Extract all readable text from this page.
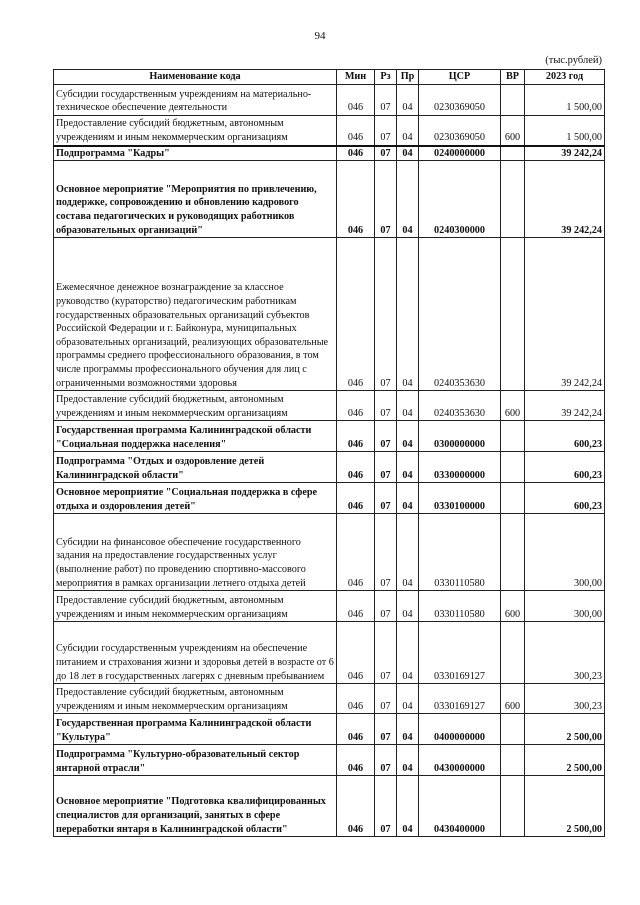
94
(тыс.рублей)
Наименование кода	Мин	Рз	Пр	ЦСР	ВР	2023 год
Субсидии государственным учреждениям на материально-техническое обеспечение деятельности	046	07	04	0230369050		1 500,00
Предоставление субсидий бюджетным, автономным учреждениям и иным некоммерческим организациям	046	07	04	0230369050	600	1 500,00
Подпрограмма "Кадры"	046	07	04	0240000000		39 242,24
Основное мероприятие "Мероприятия по привлечению, поддержке, сопровождению и обновлению кадрового состава педагогических и руководящих работников образовательных организаций"	046	07	04	0240300000		39 242,24
Ежемесячное денежное вознаграждение за классное руководство (кураторство) педагогическим работникам государственных образовательных организаций субъектов Российской Федерации и г. Байконура, муниципальных образовательных организаций, реализующих образовательные программы среднего профессионального образования, в том числе программы профессионального обучения для лиц с ограниченными возможностями здоровья	046	07	04	0240353630		39 242,24
Предоставление субсидий бюджетным, автономным учреждениям и иным некоммерческим организациям	046	07	04	0240353630	600	39 242,24
Государственная программа Калининградской области "Социальная поддержка населения"	046	07	04	0300000000		600,23
Подпрограмма "Отдых и оздоровление детей Калининградской области"	046	07	04	0330000000		600,23
Основное мероприятие "Социальная поддержка в сфере отдыха и оздоровления детей"	046	07	04	0330100000		600,23
Субсидии на финансовое обеспечение государственного задания на предоставление государственных услуг (выполнение работ) по проведению спортивно-массового мероприятия в рамках организации летнего отдыха детей	046	07	04	0330110580		300,00
Предоставление субсидий бюджетным, автономным учреждениям и иным некоммерческим организациям	046	07	04	0330110580	600	300,00
Субсидии государственным учреждениям на обеспечение питанием и страхования жизни и здоровья детей в возрасте от 6 до 18 лет в государственных лагерях с дневным пребыванием	046	07	04	0330169127		300,23
Предоставление субсидий бюджетным, автономным учреждениям и иным некоммерческим организациям	046	07	04	0330169127	600	300,23
Государственная программа Калининградской области "Культура"	046	07	04	0400000000		2 500,00
Подпрограмма "Культурно-образовательный сектор янтарной отрасли"	046	07	04	0430000000		2 500,00
Основное мероприятие "Подготовка квалифицированных специалистов для организаций, занятых в сфере переработки янтаря в Калининградской области"	046	07	04	0430400000		2 500,00
